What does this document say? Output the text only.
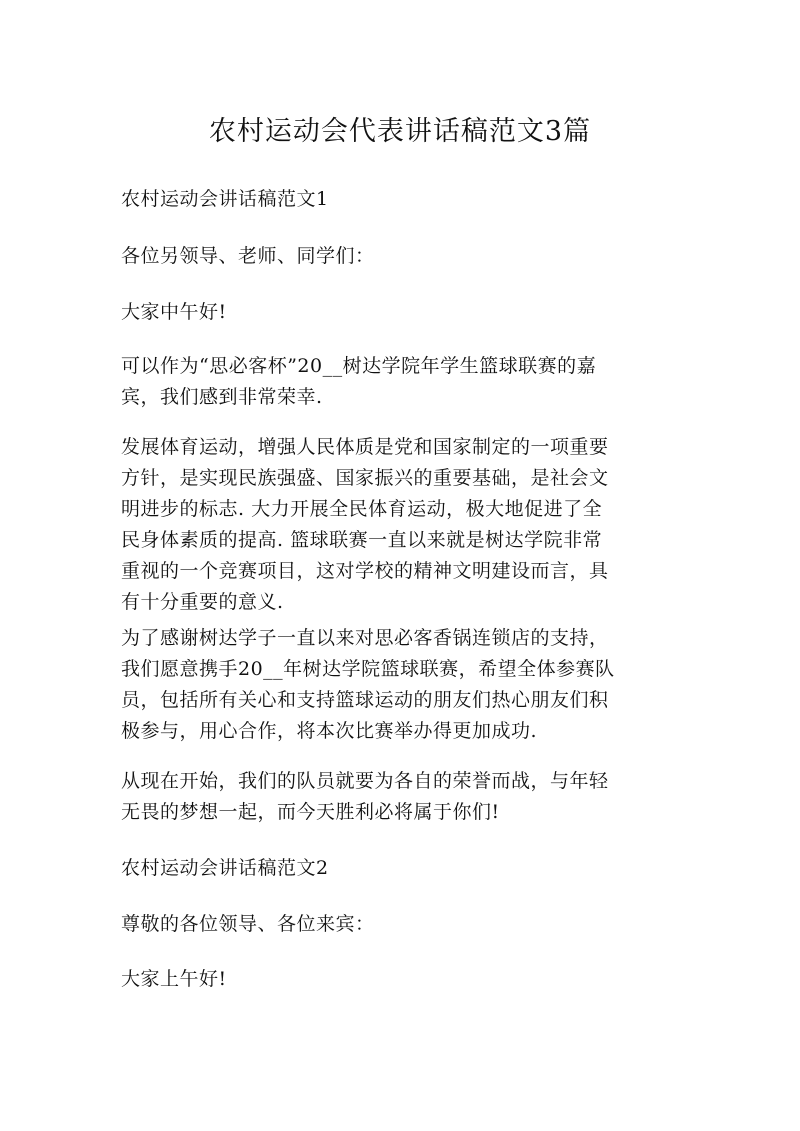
农村运动会代表讲话稿范文3篇

农村运动会讲话稿范文1

各位另领导、老师、同学们：

大家中午好!

可以作为“思必客杯”20__树达学院年学生篮球联赛的嘉
宾，我们感到非常荣幸.

发展体育运动，增强人民体质是党和国家制定的一项重要
方针，是实现民族强盛、国家振兴的重要基础，是社会文
明进步的标志. 大力开展全民体育运动，极大地促进了全
民身体素质的提高. 篮球联赛一直以来就是树达学院非常
重视的一个竞赛项目，这对学校的精神文明建设而言，具
有十分重要的意义.

为了感谢树达学子一直以来对思必客香锅连锁店的支持，
我们愿意携手20__年树达学院篮球联赛，希望全体参赛队
员，包括所有关心和支持篮球运动的朋友们热心朋友们积
极参与，用心合作，将本次比赛举办得更加成功.

从现在开始，我们的队员就要为各自的荣誉而战，与年轻
无畏的梦想一起，而今天胜利必将属于你们!

农村运动会讲话稿范文2

尊敬的各位领导、各位来宾：

大家上午好!
